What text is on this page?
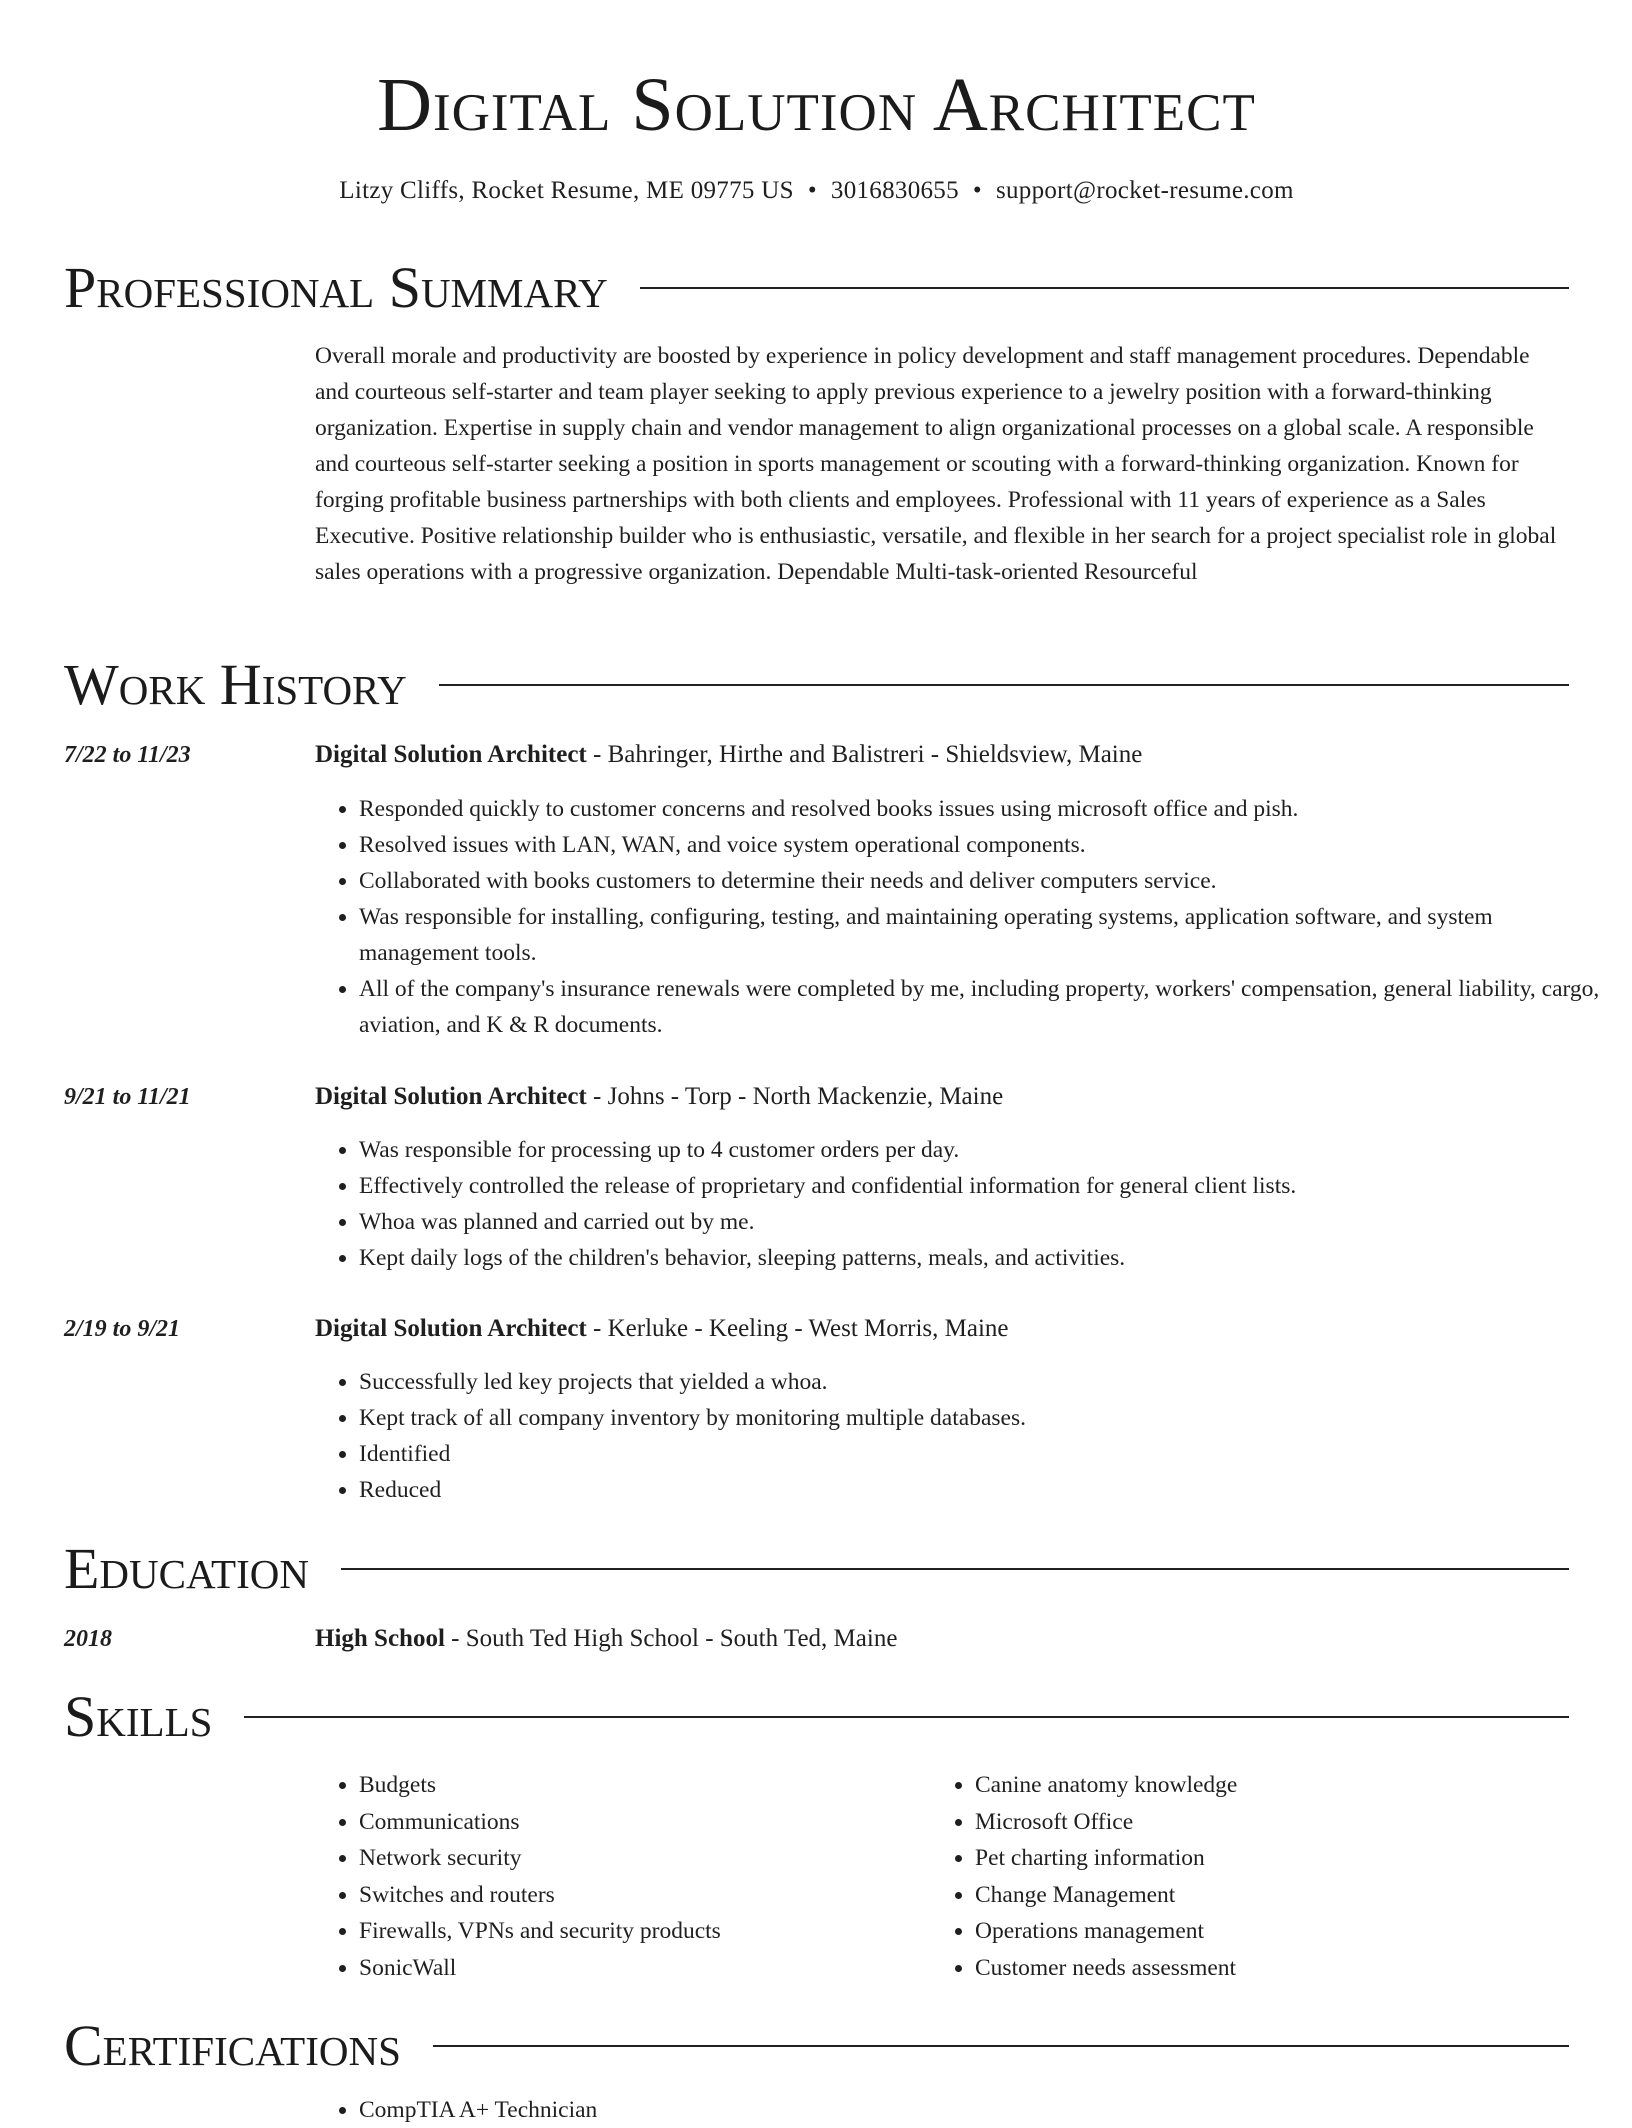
Digital Solution Architect
Litzy Cliffs, Rocket Resume, ME 09775 US • 3016830655 • support@rocket-resume.com
Professional Summary

Overall morale and productivity are boosted by experience in policy development and staff management procedures. Dependable and courteous self-starter and team player seeking to apply previous experience to a jewelry position with a forward-thinking organization. Expertise in supply chain and vendor management to align organizational processes on a global scale. A responsible and courteous self-starter seeking a position in sports management or scouting with a forward-thinking organization. Known for forging profitable business partnerships with both clients and employees. Professional with 11 years of experience as a Sales Executive. Positive relationship builder who is enthusiastic, versatile, and flexible in her search for a project specialist role in global sales operations with a progressive organization. Dependable Multi-task-oriented Resourceful

Work History
7/22 to 11/23	Digital Solution Architect - Bahringer, Hirthe and Balistreri - Shieldsview, Maine
• Responded quickly to customer concerns and resolved books issues using microsoft office and pish.
• Resolved issues with LAN, WAN, and voice system operational components.
• Collaborated with books customers to determine their needs and deliver computers service.
• Was responsible for installing, configuring, testing, and maintaining operating systems, application software, and system management tools.
• All of the company's insurance renewals were completed by me, including property, workers' compensation, general liability, cargo, aviation, and K & R documents.
9/21 to 11/21	Digital Solution Architect - Johns - Torp - North Mackenzie, Maine
• Was responsible for processing up to 4 customer orders per day.
• Effectively controlled the release of proprietary and confidential information for general client lists.
• Whoa was planned and carried out by me.
• Kept daily logs of the children's behavior, sleeping patterns, meals, and activities.
2/19 to 9/21	Digital Solution Architect - Kerluke - Keeling - West Morris, Maine
• Successfully led key projects that yielded a whoa.
• Kept track of all company inventory by monitoring multiple databases.
• Identified
• Reduced
Education
2018	High School - South Ted High School - South Ted, Maine
Skills
• Budgets
• Communications
• Network security
• Switches and routers
• Firewalls, VPNs and security products
• SonicWall
• Canine anatomy knowledge
• Microsoft Office
• Pet charting information
• Change Management
• Operations management
• Customer needs assessment
Certifications
• CompTIA A+ Technician
